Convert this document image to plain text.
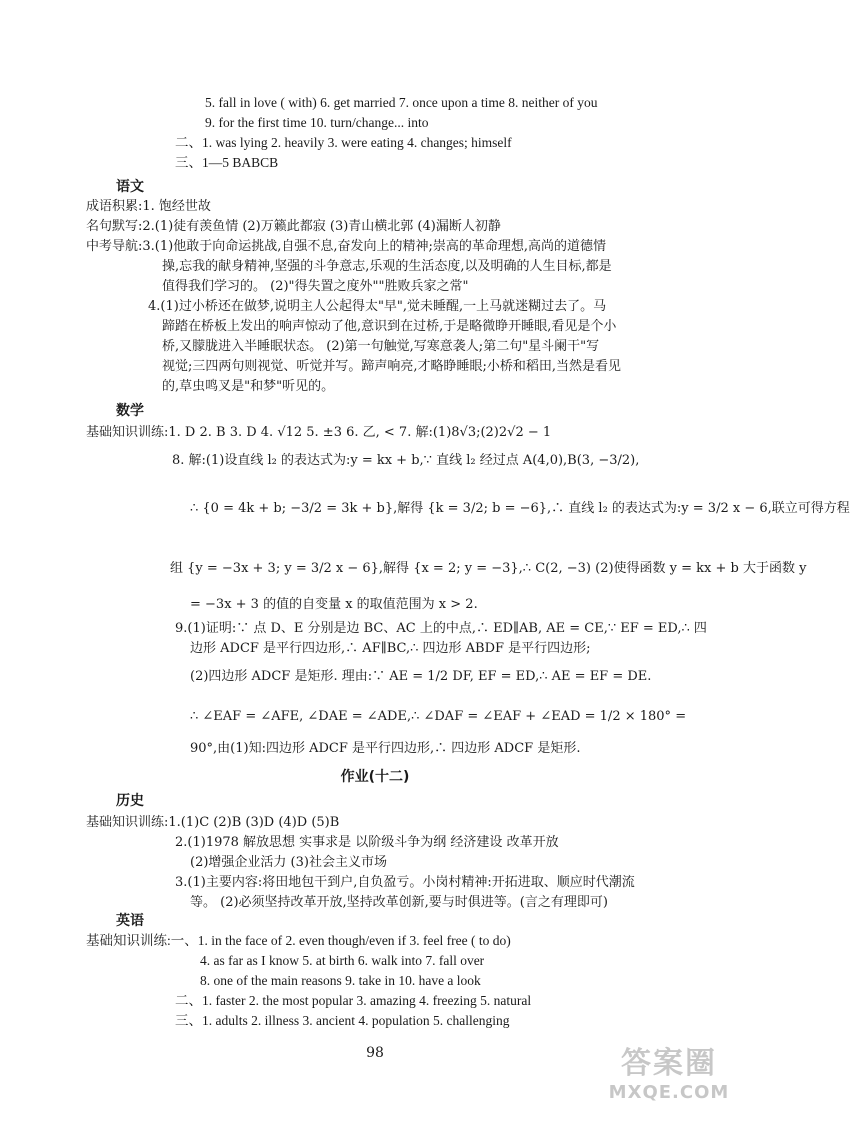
5. fall in love ( with) 6. get married 7. once upon a time 8. neither of you
9. for the first time 10. turn/change... into
二、1. was lying 2. heavily 3. were eating 4. changes; himself
三、1—5 BABCB
语文
成语积累:1. 饱经世故
名句默写:2.(1)徒有羡鱼情 (2)万籁此都寂 (3)青山横北郭 (4)漏断人初静
中考导航:3.(1)他敢于向命运挑战,自强不息,奋发向上的精神;崇高的革命理想,高尚的道德情
操,忘我的献身精神,坚强的斗争意志,乐观的生活态度,以及明确的人生目标,都是
值得我们学习的。 (2)"得失置之度外""胜败兵家之常"
4.(1)过小桥还在做梦,说明主人公起得太"早",觉未睡醒,一上马就迷糊过去了。马
蹄踏在桥板上发出的响声惊动了他,意识到在过桥,于是略微睁开睡眼,看见是个小
桥,又朦胧进入半睡眠状态。 (2)第一句触觉,写寒意袭人;第二句"星斗阑干"写
视觉;三四两句则视觉、听觉并写。蹄声响亮,才略睁睡眼;小桥和稻田,当然是看见
的,草虫鸣叉是"和梦"听见的。
数学
基础知识训练:1. D 2. B 3. D 4. √12 5. ±3 6. 乙, < 7. 解:(1)8√3;(2)2√2 − 1
8. 解:(1)设直线 l₂ 的表达式为:y = kx + b,∵ 直线 l₂ 经过点 A(4,0),B(3, −3/2),
∴ {0 = 4k + b; −3/2 = 3k + b},解得 {k = 3/2; b = −6},∴ 直线 l₂ 的表达式为:y = 3/2 x − 6,联立可得方程
组 {y = −3x + 3; y = 3/2 x − 6},解得 {x = 2; y = −3},∴ C(2, −3) (2)使得函数 y = kx + b 大于函数 y
= −3x + 3 的值的自变量 x 的取值范围为 x > 2.
9.(1)证明:∵ 点 D、E 分别是边 BC、AC 上的中点,∴ ED∥AB, AE = CE,∵ EF = ED,∴ 四
边形 ADCF 是平行四边形,∴ AF∥BC,∴ 四边形 ABDF 是平行四边形;
(2)四边形 ADCF 是矩形. 理由:∵ AE = 1/2 DF, EF = ED,∴ AE = EF = DE.
∴ ∠EAF = ∠AFE, ∠DAE = ∠ADE,∴ ∠DAF = ∠EAF + ∠EAD = 1/2 × 180° =
90°,由(1)知:四边形 ADCF 是平行四边形,∴ 四边形 ADCF 是矩形.
作业(十二)
历史
基础知识训练:1.(1)C (2)B (3)D (4)D (5)B
2.(1)1978 解放思想 实事求是 以阶级斗争为纲 经济建设 改革开放
(2)增强企业活力 (3)社会主义市场
3.(1)主要内容:将田地包干到户,自负盈亏。小岗村精神:开拓进取、顺应时代潮流
等。 (2)必须坚持改革开放,坚持改革创新,要与时俱进等。(言之有理即可)
英语
基础知识训练:一、1. in the face of 2. even though/even if 3. feel free ( to do)
4. as far as I know 5. at birth 6. walk into 7. fall over
8. one of the main reasons 9. take in 10. have a look
二、1. faster 2. the most popular 3. amazing 4. freezing 5. natural
三、1. adults 2. illness 3. ancient 4. population 5. challenging
98	答案圈
MXQE.COM
